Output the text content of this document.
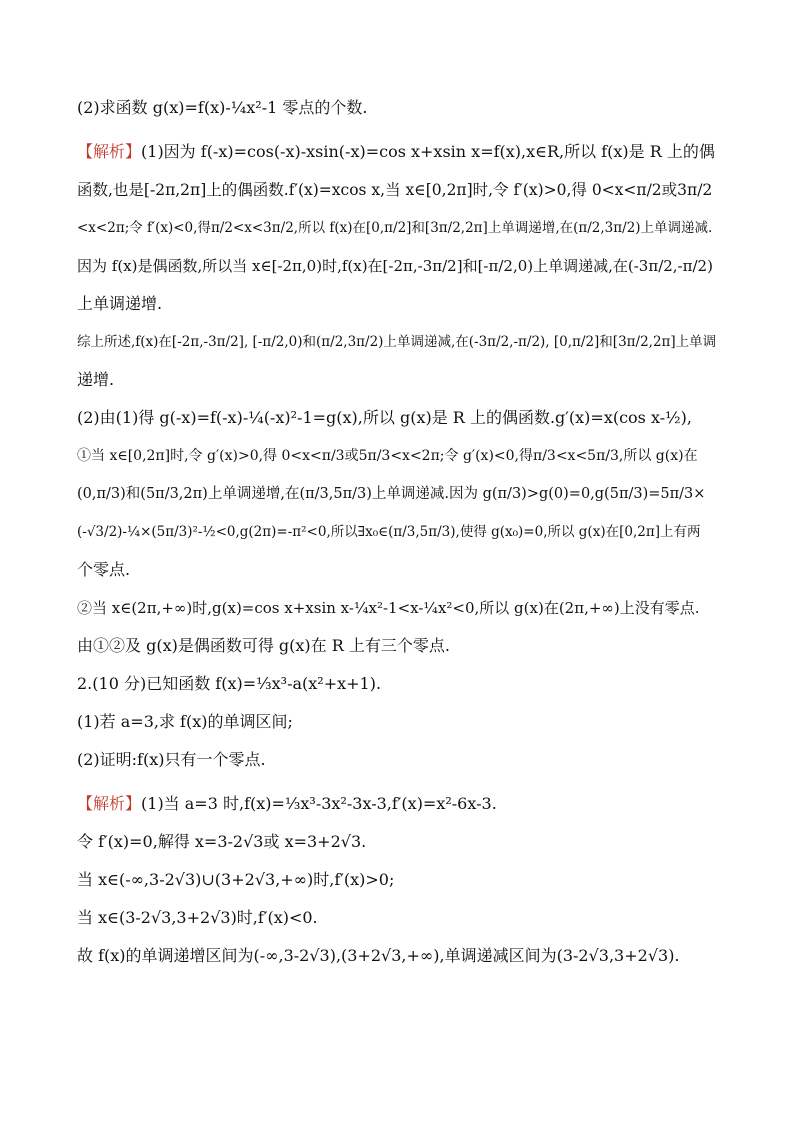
(2)求函数 g(x)=f(x)-¼x²-1 零点的个数.
【解析】(1)因为 f(-x)=cos(-x)-xsin(-x)=cos x+xsin x=f(x),x∈R,所以 f(x)是 R 上的偶
函数,也是[-2π,2π]上的偶函数.f′(x)=xcos x,当 x∈[0,2π]时,令 f′(x)>0,得 0<x<π/2或3π/2
<x<2π;令 f′(x)<0,得π/2<x<3π/2,所以 f(x)在[0,π/2]和[3π/2,2π]上单调递增,在(π/2,3π/2)上单调递减.
因为 f(x)是偶函数,所以当 x∈[-2π,0)时,f(x)在[-2π,-3π/2]和[-π/2,0)上单调递减,在(-3π/2,-π/2)
上单调递增.
综上所述,f(x)在[-2π,-3π/2], [-π/2,0)和(π/2,3π/2)上单调递减,在(-3π/2,-π/2), [0,π/2]和[3π/2,2π]上单调
递增.
(2)由(1)得 g(-x)=f(-x)-¼(-x)²-1=g(x),所以 g(x)是 R 上的偶函数.g′(x)=x(cos x-½),
①当 x∈[0,2π]时,令 g′(x)>0,得 0<x<π/3或5π/3<x<2π;令 g′(x)<0,得π/3<x<5π/3,所以 g(x)在
(0,π/3)和(5π/3,2π)上单调递增,在(π/3,5π/3)上单调递减.因为 g(π/3)>g(0)=0,g(5π/3)=5π/3×
(-√3/2)-¼×(5π/3)²-½<0,g(2π)=-π²<0,所以∃x₀∈(π/3,5π/3),使得 g(x₀)=0,所以 g(x)在[0,2π]上有两
个零点.
②当 x∈(2π,+∞)时,g(x)=cos x+xsin x-¼x²-1<x-¼x²<0,所以 g(x)在(2π,+∞)上没有零点.
由①②及 g(x)是偶函数可得 g(x)在 R 上有三个零点.
2.(10 分)已知函数 f(x)=⅓x³-a(x²+x+1).
(1)若 a=3,求 f(x)的单调区间;
(2)证明:f(x)只有一个零点.
【解析】(1)当 a=3 时,f(x)=⅓x³-3x²-3x-3,f′(x)=x²-6x-3.
令 f′(x)=0,解得 x=3-2√3或 x=3+2√3.
当 x∈(-∞,3-2√3)∪(3+2√3,+∞)时,f′(x)>0;
当 x∈(3-2√3,3+2√3)时,f′(x)<0.
故 f(x)的单调递增区间为(-∞,3-2√3),(3+2√3,+∞),单调递减区间为(3-2√3,3+2√3).
